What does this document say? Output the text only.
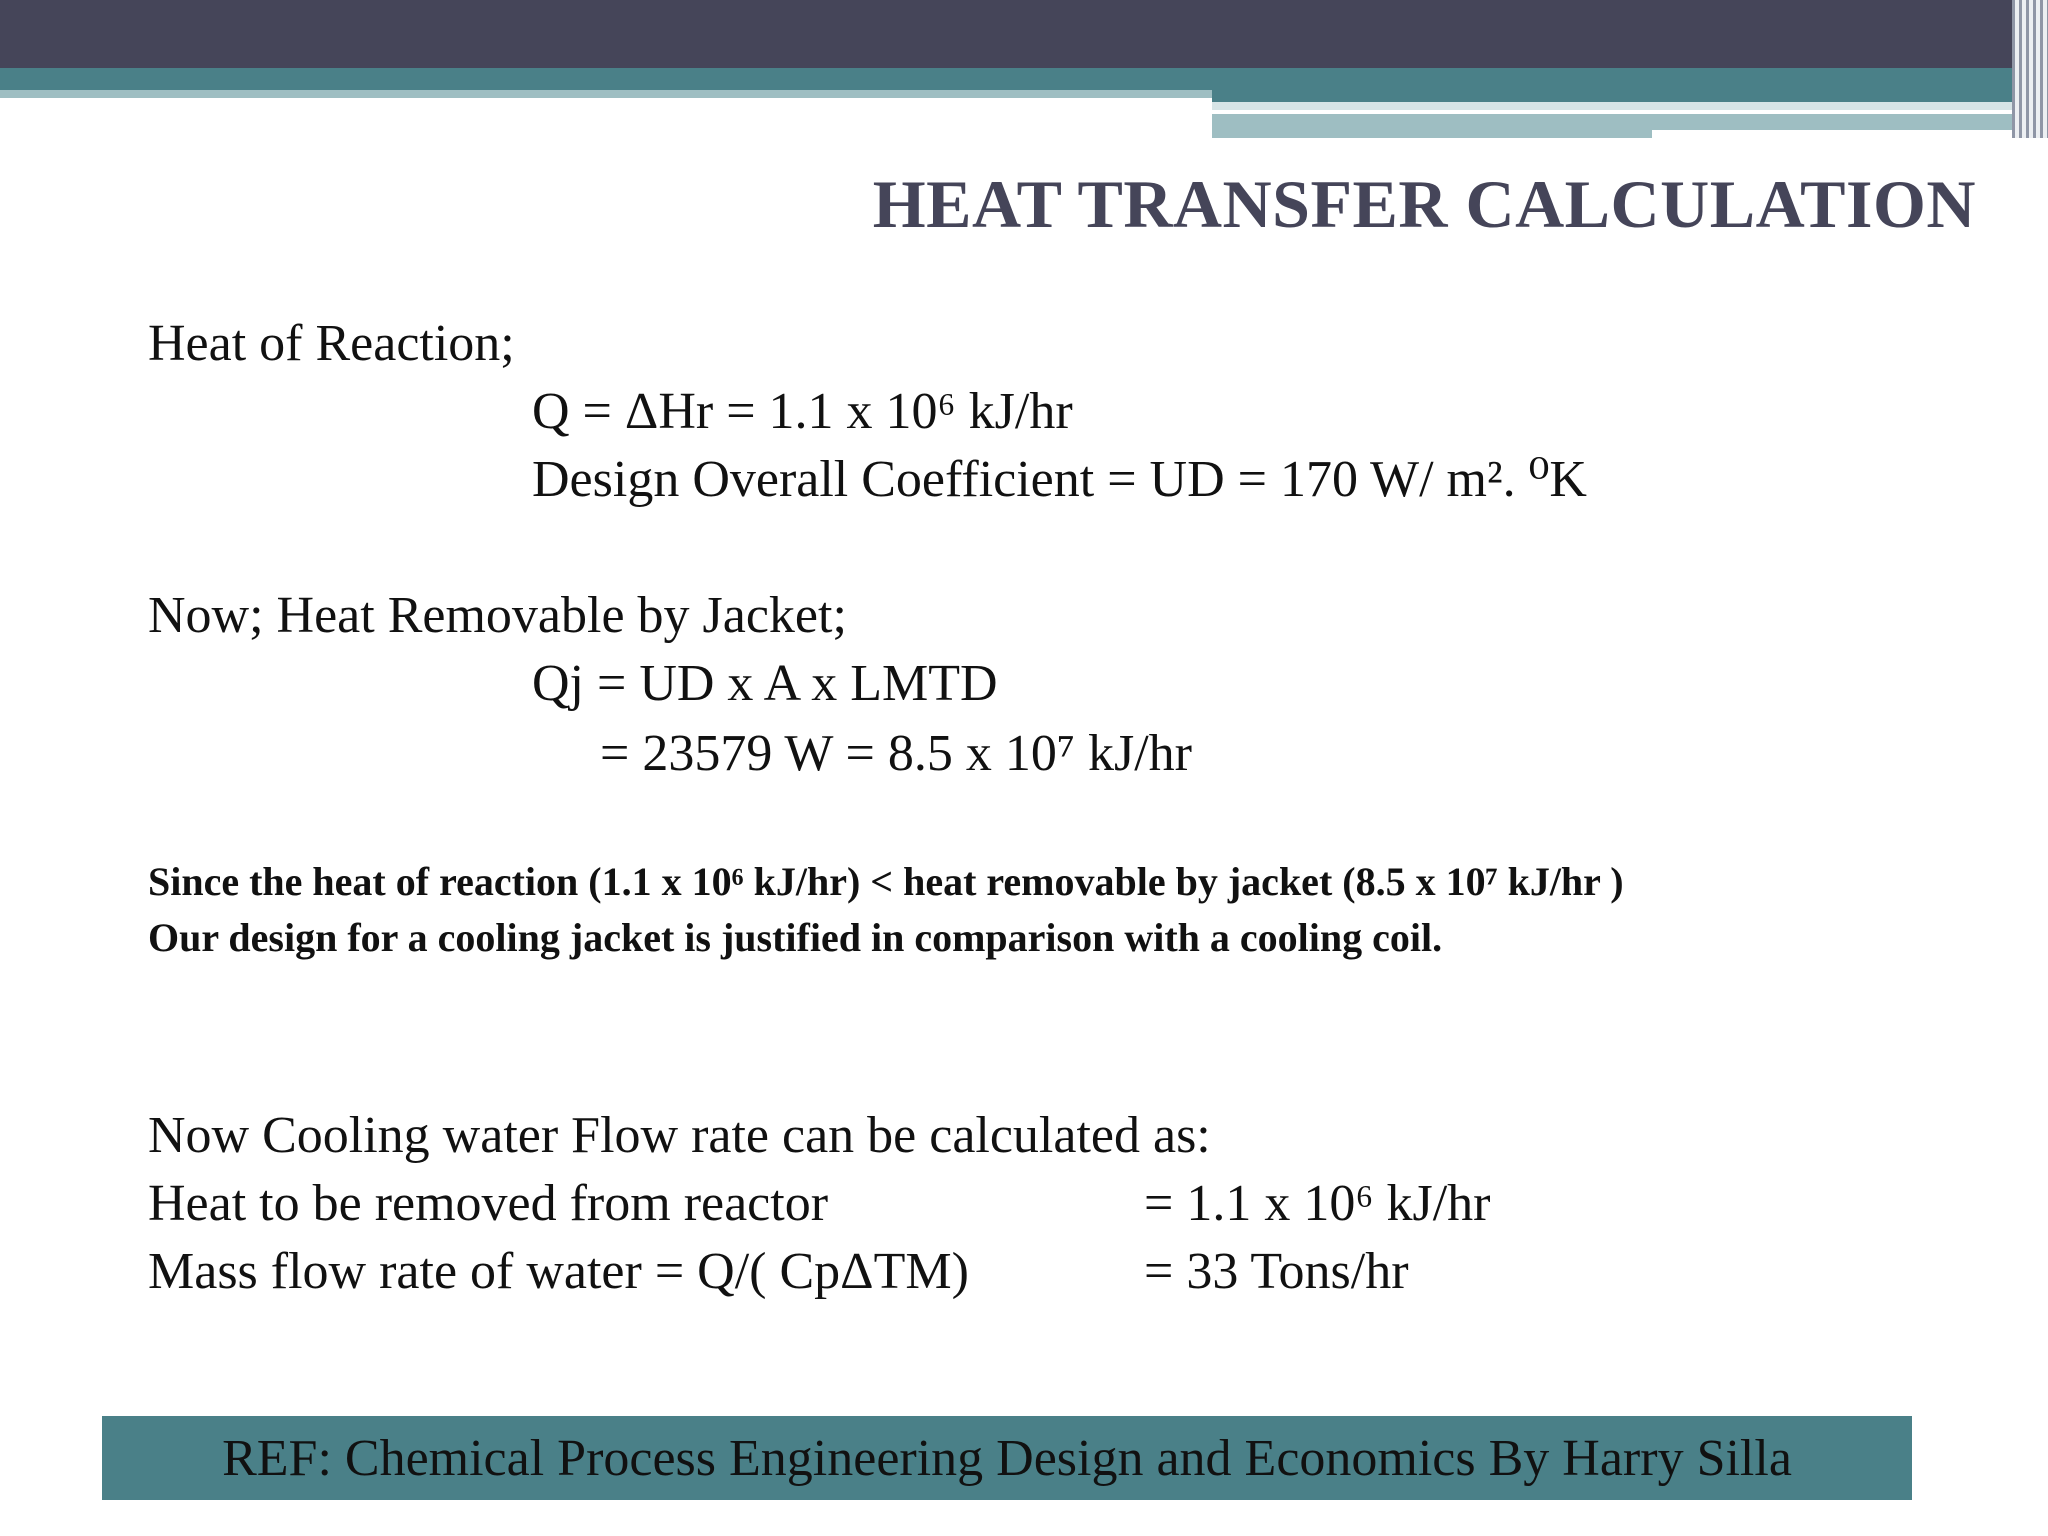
HEAT TRANSFER CALCULATION
Heat of Reaction;
Q = ΔHr = 1.1 x 10⁶ kJ/hr
Design Overall Coefficient = UD = 170 W/ m². ⁰K
Now; Heat Removable by Jacket;
Qj = UD x A x LMTD
= 23579 W = 8.5 x 10⁷ kJ/hr
Since the heat of reaction (1.1 x 10⁶ kJ/hr) < heat removable by jacket (8.5 x 10⁷ kJ/hr )
Our design for a cooling jacket is justified in comparison with a cooling coil.
Now Cooling water Flow rate can be calculated as:
Heat to be removed from reactor	= 1.1 x 10⁶ kJ/hr
Mass flow rate of water = Q/( CpΔTM)	= 33 Tons/hr
REF: Chemical Process Engineering Design and Economics By Harry Silla
